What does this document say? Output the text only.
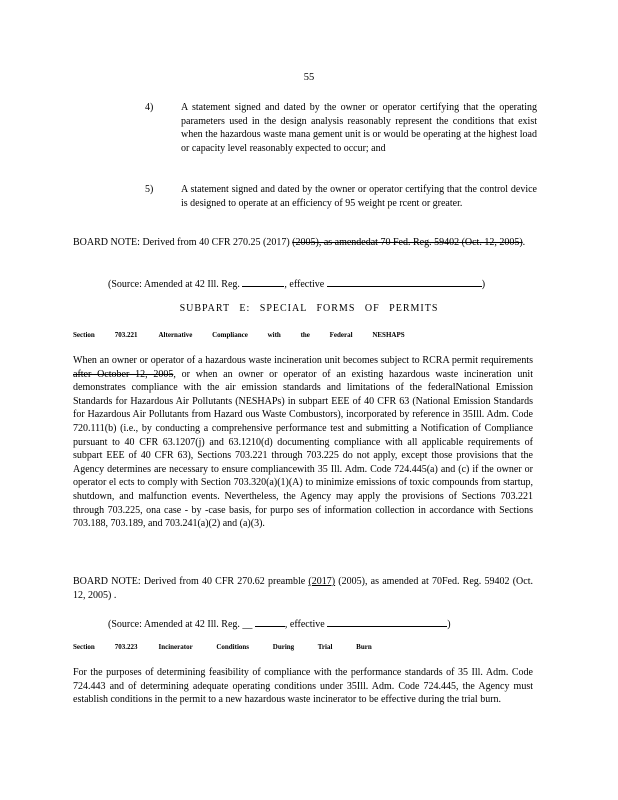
55
4)	A statement signed and dated by the owner or operator certifying that the operating parameters used in the design analysis reasonably represent the conditions that exist when the hazardous waste mana gement unit is or would be operating at the highest load or capacity level reasonably expected to occur; and
5)	A statement signed and dated by the owner or operator certifying that the control device is designed to operate at an efficiency of 95 weight pe rcent or greater.
BOARD NOTE: Derived from 40 CFR 270.25 (2017) (2005), as amendedat 70 Fed. Reg. 59402 (Oct. 12, 2005).
(Source: Amended at 42 Ill. Reg.	, effective	)
SUBPART E: SPECIAL FORMS OF PERMITS
Section	703.221	Alternative Compliance with the Federal NESHAPS
When an owner or operator of a hazardous waste incineration unit becomes subject to RCRA permit requirements after October 12, 2005, or when an owner or operator of an existing hazardous waste incineration unit demonstrates compliance with the air emission standards and limitations of the federalNational Emission Standards for Hazardous Air Pollutants (NESHAPs) in subpart EEE of 40 CFR 63 (National Emission Standards for Hazardous Air Pollutants from Hazard ous Waste Combustors), incorporated by reference in 35Ill. Adm. Code 720.111(b) (i.e., by conducting a comprehensive performance test and submitting a Notification of Compliance pursuant to 40 CFR 63.1207(j) and 63.1210(d) documenting compliance with all applicable requirements of subpart EEE of 40 CFR 63), Sections 703.221 through 703.225 do not apply, except those provisions that the Agency determines are necessary to ensure compliancewith 35 Ill. Adm. Code 724.445(a) and (c) if the owner or operator el ects to comply with Section 703.320(a)(1)(A) to minimize emissions of toxic compounds from startup, shutdown, and malfunction events. Nevertheless, the Agency may apply the provisions of Sections 703.221 through 703.225, ona case - by -case basis, for purpo ses of information collection in accordance with Sections 703.188, 703.189, and 703.241(a)(2) and (a)(3).
BOARD NOTE: Derived from 40 CFR 270.62 preamble (2017) (2005), as amended at 70Fed. Reg. 59402 (Oct. 12, 2005) .
(Source: Amended at 42 Ill. Reg. __	, effective	)
Section	703.223	Incinerator Conditions During Trial Burn
For the purposes of determining feasibility of compliance with the performance standards of 35 Ill. Adm. Code 724.443 and of determining adequate operating conditions under 35Ill. Adm. Code 724.445, the Agency must establish conditions in the permit to a new hazardous waste incinerator to be effective during the trial burn.
